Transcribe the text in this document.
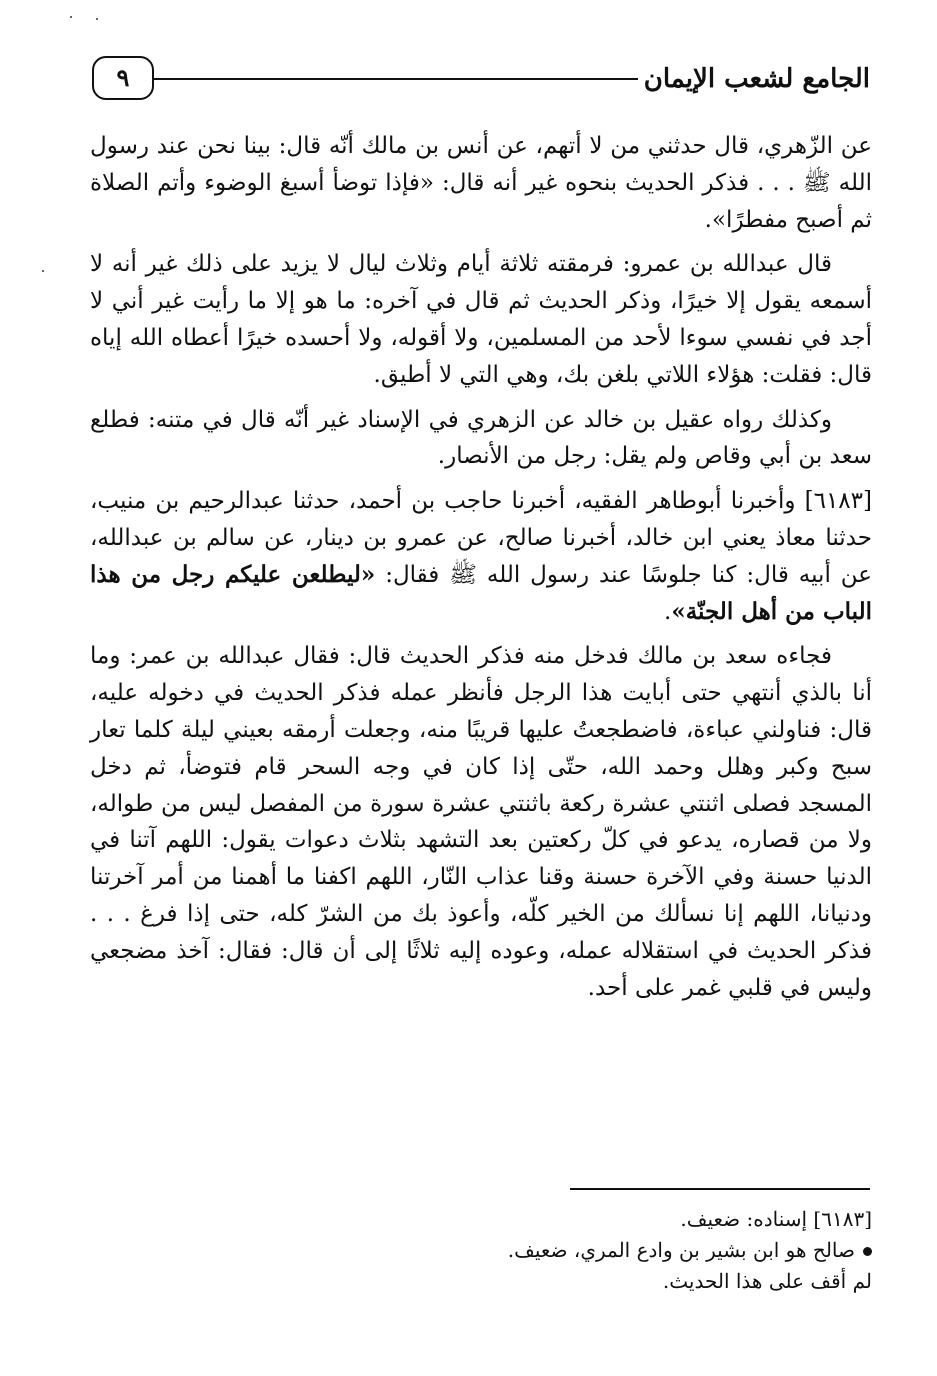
٩	الجامع لشعب الإيمان

عن الزّهري، قال حدثني من لا أتهم، عن أنس بن مالك أنّه قال: بينا نحن عند رسول الله ﷺ . . . فذكر الحديث بنحوه غير أنه قال: «فإذا توضأ أسبغ الوضوء وأتم الصلاة ثم أصبح مفطرًا».

قال عبدالله بن عمرو: فرمقته ثلاثة أيام وثلاث ليال لا يزيد على ذلك غير أنه لا أسمعه يقول إلا خيرًا، وذكر الحديث ثم قال في آخره: ما هو إلا ما رأيت غير أني لا أجد في نفسي سوءا لأحد من المسلمين، ولا أقوله، ولا أحسده خيرًا أعطاه الله إياه قال: فقلت: هؤلاء اللاتي بلغن بك، وهي التي لا أطيق.

وكذلك رواه عقيل بن خالد عن الزهري في الإسناد غير أنّه قال في متنه: فطلع سعد بن أبي وقاص ولم يقل: رجل من الأنصار.

[٦١٨٣] وأخبرنا أبوطاهر الفقيه، أخبرنا حاجب بن أحمد، حدثنا عبدالرحيم بن منيب، حدثنا معاذ يعني ابن خالد، أخبرنا صالح، عن عمرو بن دينار، عن سالم بن عبدالله، عن أبيه قال: كنا جلوسًا عند رسول الله ﷺ فقال: «ليطلعن عليكم رجل من هذا الباب من أهل الجنّة».

فجاءه سعد بن مالك فدخل منه فذكر الحديث قال: فقال عبدالله بن عمر: وما أنا بالذي أنتهي حتى أبايت هذا الرجل فأنظر عمله فذكر الحديث في دخوله عليه، قال: فناولني عباءة، فاضطجعتُ عليها قريبًا منه، وجعلت أرمقه بعيني ليلة كلما تعار سبح وكبر وهلل وحمد الله، حتّى إذا كان في وجه السحر قام فتوضأ، ثم دخل المسجد فصلى اثنتي عشرة ركعة باثنتي عشرة سورة من المفصل ليس من طواله، ولا من قصاره، يدعو في كلّ ركعتين بعد التشهد بثلاث دعوات يقول: اللهم آتنا في الدنيا حسنة وفي الآخرة حسنة وقنا عذاب النّار، اللهم اكفنا ما أهمنا من أمر آخرتنا ودنيانا، اللهم إنا نسألك من الخير كلّه، وأعوذ بك من الشرّ كله، حتى إذا فرغ . . . فذكر الحديث في استقلاله عمله، وعوده إليه ثلاثًا إلى أن قال: فقال: آخذ مضجعي وليس في قلبي غمر على أحد.

[٦١٨٣] إسناده: ضعيف.
صالح هو ابن بشير بن وادع المري، ضعيف.
لم أقف على هذا الحديث.
